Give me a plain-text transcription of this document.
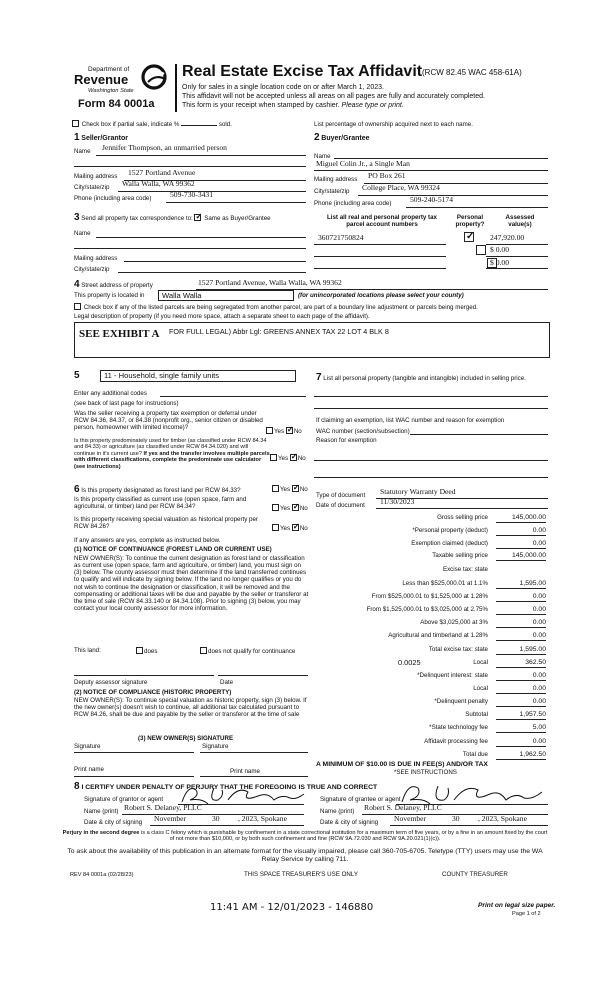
Department of
Revenue
Washington State
Form 84 0001a
Real Estate Excise Tax Affidavit (RCW 82.45 WAC 458-61A)
Only for sales in a single location code on or after March 1, 2023.
This affidavit will not be accepted unless all areas on all pages are fully and accurately completed.
This form is your receipt when stamped by cashier. Please type or print.
Check box if partial sale, indicate %	sold.	List percentage of ownership acquired next to each name.
1 Seller/Grantor
Name Jennifer Thompson, an unmarried person
Mailing address 1527 Portland Avenue
City/state/zip Walla Walla, WA 99362
Phone (including area code) 509-730-3431
2 Buyer/Grantee
Name
Miguel Colin Jr., a Single Man
Mailing address PO Box 261
City/state/zip College Place, WA 99324
Phone (including area code) 509-240-5174
3 Send all property tax correspondence to: ✓ Same as Buyer/Grantee
Name
Mailing address
City/state/zip
List all real and personal property tax parcel account numbers
Personal property?
Assessed value(s)
360721750824 ✓	247,920.00

$ 0.00
$ 0.00
4 Street address of property	1527 Portland Avenue, Walla Walla, WA 99362
This property is located in Walla Walla	(for unincorporated locations please select your county)
Check box if any of the listed parcels are being segregated from another parcel, are part of a boundary line adjustment or parcels being merged.
Legal description of property (if you need more space, attach a separate sheet to each page of the affidavit).
SEE EXHIBIT A FOR FULL LEGAL) Abbr Lgl: GREENS ANNEX TAX 22 LOT 4 BLK 8
5	11 - Household, single family units
Enter any additional codes
(see back of last page for instructions)
Was the seller receiving a property tax exemption or deferral under RCW 84.36, 84.37, or 84.38 (nonprofit org., senior citizen or disabled person, homeowner with limited income)?
Yes ✓ No
Is this property predominately used for timber (as classified under RCW 84.34 and 84.33) or agriculture (as classified under RCW 84.34.020) and will continue in it's current use? If yes and the transfer involves multiple parcels with different classifications, complete the predominate use calculator (see instructions)
Yes ✓ No
6 Is this property designated as forest land per RCW 84.33?	Yes ✓ No
Is this property classified as current use (open space, farm and agricultural, or timber) land per RCW 84.34?	Yes ✓ No
Is this property receiving special valuation as historical property per RCW 84.26?	Yes ✓ No
If any answers are yes, complete as instructed below.
(1) NOTICE OF CONTINUANCE (FOREST LAND OR CURRENT USE)
NEW OWNER(S): To continue the current designation as forest land or classification as current use (open space, farm and agriculture, or timber) land, you must sign on (3) below. The county assessor must then determine if the land transferred continues to qualify and will indicate by signing below. If the land no longer qualifies or you do not wish to continue the designation or classification, it will be removed and the compensating or additional taxes will be due and payable by the seller or transferor at the time of sale (RCW 84.33.140 or 84.34.108). Prior to signing (3) below, you may contact your local county assessor for more information.
This land:	does	does not qualify for continuance
Deputy assessor signature	Date
(2) NOTICE OF COMPLIANCE (HISTORIC PROPERTY)
NEW OWNER(S): To continue special valuation as historic property, sign (3) below. If the new owner(s) doesn't wish to continue, all additional tax calculated pursuant to RCW 84.26, shall be due and payable by the seller or transferor at the time of sale
(3) NEW OWNER(S) SIGNATURE
Signature	Signature
Print name	Print name
7 List all personal property (tangible and intangible) included in selling price.
If claiming an exemption, list WAC number and reason for exemption
WAC number (section/subsection)
Reason for exemption
Type of document Statutory Warranty Deed
Date of document 11/30/2023
Gross selling price	145,000.00
*Personal property (deduct)	0.00
Exemption claimed (deduct)	0.00
Taxable selling price	145,000.00
Excise tax: state
Less than $525,000.01 at 1.1%	1,595.00
From $525,000.01 to $1,525,000 at 1.28%	0.00
From $1,525,000.01 to $3,025,000 at 2.75%	0.00
Above $3,025,000 at 3%	0.00
Agricultural and timberland at 1.28%	0.00
Total excise tax: state	1,595.00
0.0025	Local	362.50
*Delinquent interest: state	0.00
Local	0.00
*Delinquent penalty	0.00
Subtotal	1,957.50
*State technology fee	5.00
Affidavit processing fee	0.00
Total due	1,962.50
A MINIMUM OF $10.00 IS DUE IN FEE(S) AND/OR TAX
*SEE INSTRUCTIONS
8 I CERTIFY UNDER PENALTY OF PERJURY THAT THE FOREGOING IS TRUE AND CORRECT
Signature of grantor or agent
Name (print) Robert S. Delaney, PLLC
Date & city of signing November	30 , 2023, Spokane
Signature of grantee or agent
Name (print) Robert S. Delaney, PLLC
Date & city of signing November	30 , 2023, Spokane
Perjury in the second degree is a class C felony which is punishable by confinement in a state correctional institution for a maximum term of five years, or by a fine in an amount fixed by the court of not more than $10,000, or by both such confinement and fine (RCW 9A.72.030 and RCW 9A.20.021(1)(c)).
To ask about the availability of this publication in an alternate format for the visually impaired, please call 360-705-6705. Teletype (TTY) users may use the WA Relay Service by calling 711.
REV 84 0001a (02/28/23)	THIS SPACE TREASURER'S USE ONLY	COUNTY TREASURER
11:41 AM - 12/01/2023 - 146880	Print on legal size paper.
Page 1 of 2
